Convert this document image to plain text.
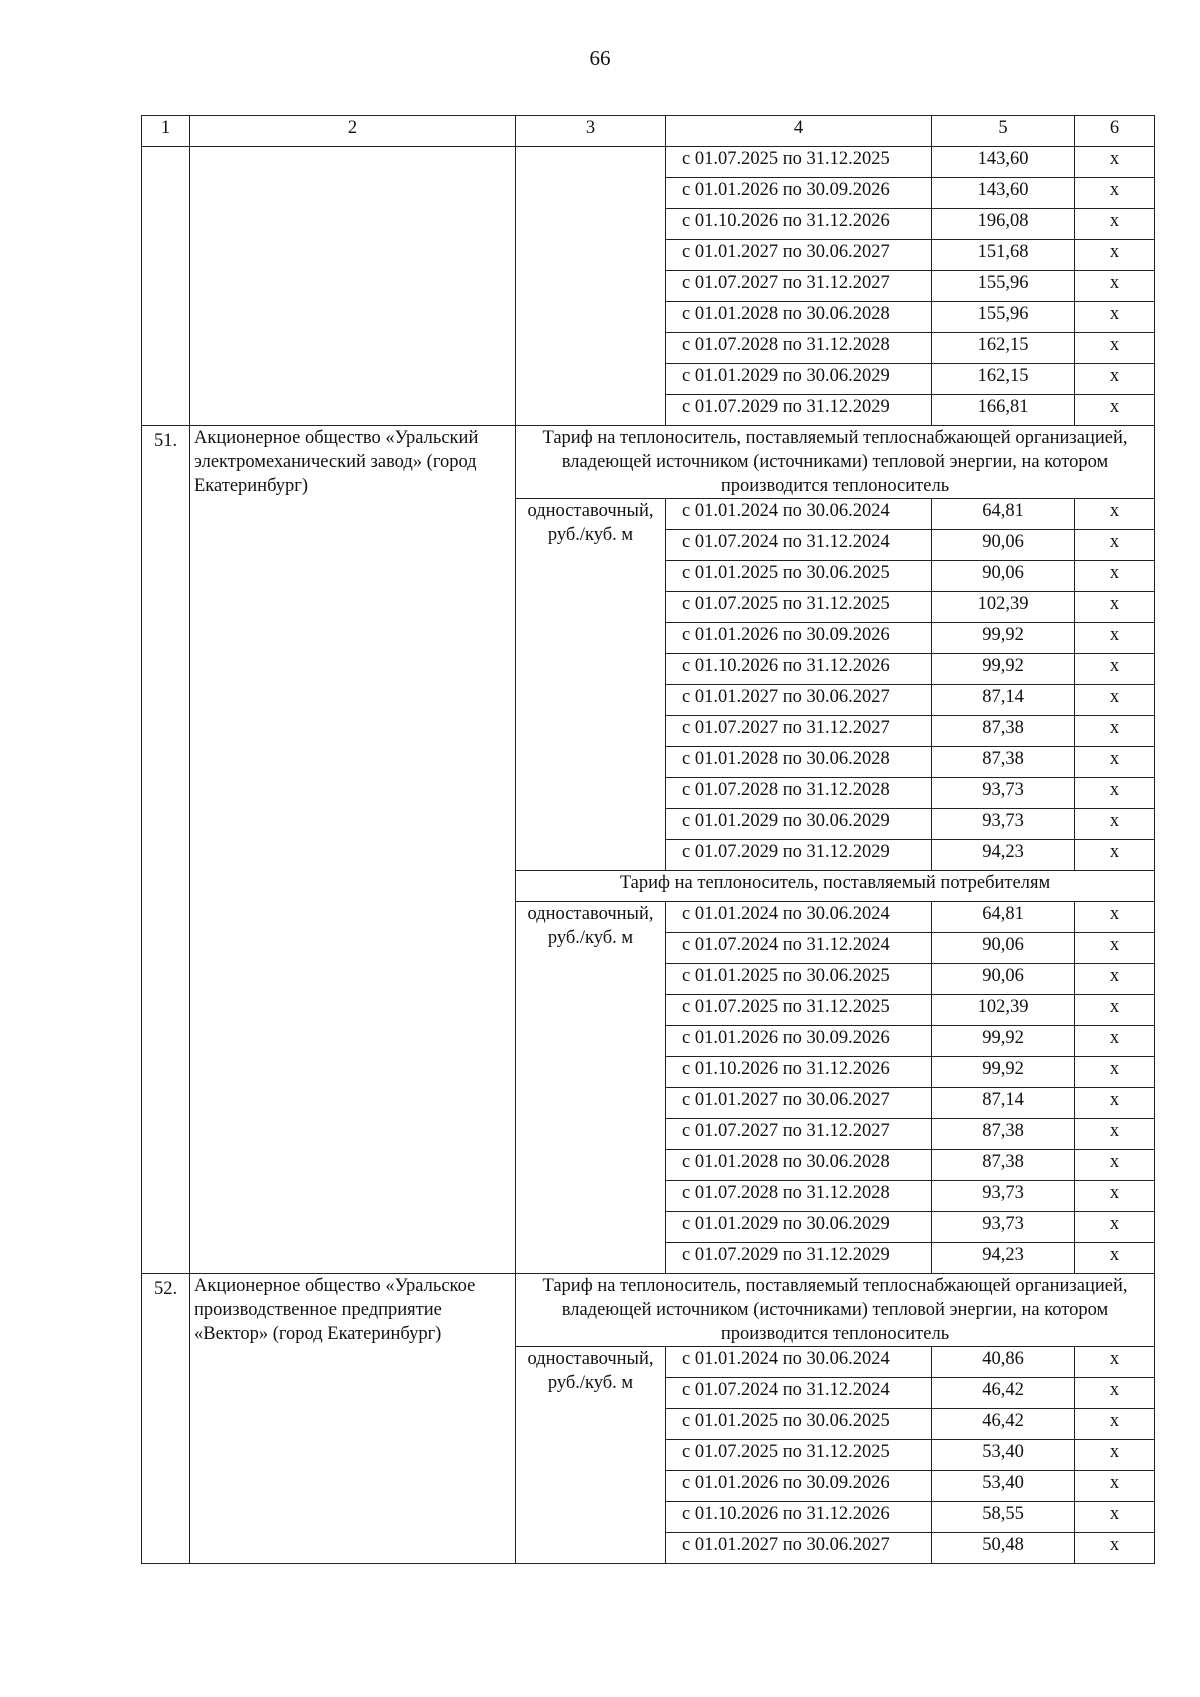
66
1	2	3	4	5	6
			с 01.07.2025 по 31.12.2025	143,60	x
			с 01.01.2026 по 30.09.2026	143,60	x
			с 01.10.2026 по 31.12.2026	196,08	x
			с 01.01.2027 по 30.06.2027	151,68	x
			с 01.07.2027 по 31.12.2027	155,96	x
			с 01.01.2028 по 30.06.2028	155,96	x
			с 01.07.2028 по 31.12.2028	162,15	x
			с 01.01.2029 по 30.06.2029	162,15	x
			с 01.07.2029 по 31.12.2029	166,81	x
51.	Акционерное общество «Уральский электромеханический завод» (город Екатеринбург)	Тариф на теплоноситель, поставляемый теплоснабжающей организацией, владеющей источником (источниками) тепловой энергии, на котором производится теплоноситель			
		одноставочный, руб./куб. м	с 01.01.2024 по 30.06.2024	64,81	x
			с 01.07.2024 по 31.12.2024	90,06	x
			с 01.01.2025 по 30.06.2025	90,06	x
			с 01.07.2025 по 31.12.2025	102,39	x
			с 01.01.2026 по 30.09.2026	99,92	x
			с 01.10.2026 по 31.12.2026	99,92	x
			с 01.01.2027 по 30.06.2027	87,14	x
			с 01.07.2027 по 31.12.2027	87,38	x
			с 01.01.2028 по 30.06.2028	87,38	x
			с 01.07.2028 по 31.12.2028	93,73	x
			с 01.01.2029 по 30.06.2029	93,73	x
			с 01.07.2029 по 31.12.2029	94,23	x
		Тариф на теплоноситель, поставляемый потребителям			
		одноставочный, руб./куб. м	с 01.01.2024 по 30.06.2024	64,81	x
			с 01.07.2024 по 31.12.2024	90,06	x
			с 01.01.2025 по 30.06.2025	90,06	x
			с 01.07.2025 по 31.12.2025	102,39	x
			с 01.01.2026 по 30.09.2026	99,92	x
			с 01.10.2026 по 31.12.2026	99,92	x
			с 01.01.2027 по 30.06.2027	87,14	x
			с 01.07.2027 по 31.12.2027	87,38	x
			с 01.01.2028 по 30.06.2028	87,38	x
			с 01.07.2028 по 31.12.2028	93,73	x
			с 01.01.2029 по 30.06.2029	93,73	x
			с 01.07.2029 по 31.12.2029	94,23	x
52.	Акционерное общество «Уральское производственное предприятие «Вектор» (город Екатеринбург)	Тариф на теплоноситель, поставляемый теплоснабжающей организацией, владеющей источником (источниками) тепловой энергии, на котором производится теплоноситель			
		одноставочный, руб./куб. м	с 01.01.2024 по 30.06.2024	40,86	x
			с 01.07.2024 по 31.12.2024	46,42	x
			с 01.01.2025 по 30.06.2025	46,42	x
			с 01.07.2025 по 31.12.2025	53,40	x
			с 01.01.2026 по 30.09.2026	53,40	x
			с 01.10.2026 по 31.12.2026	58,55	x
			с 01.01.2027 по 30.06.2027	50,48	x
